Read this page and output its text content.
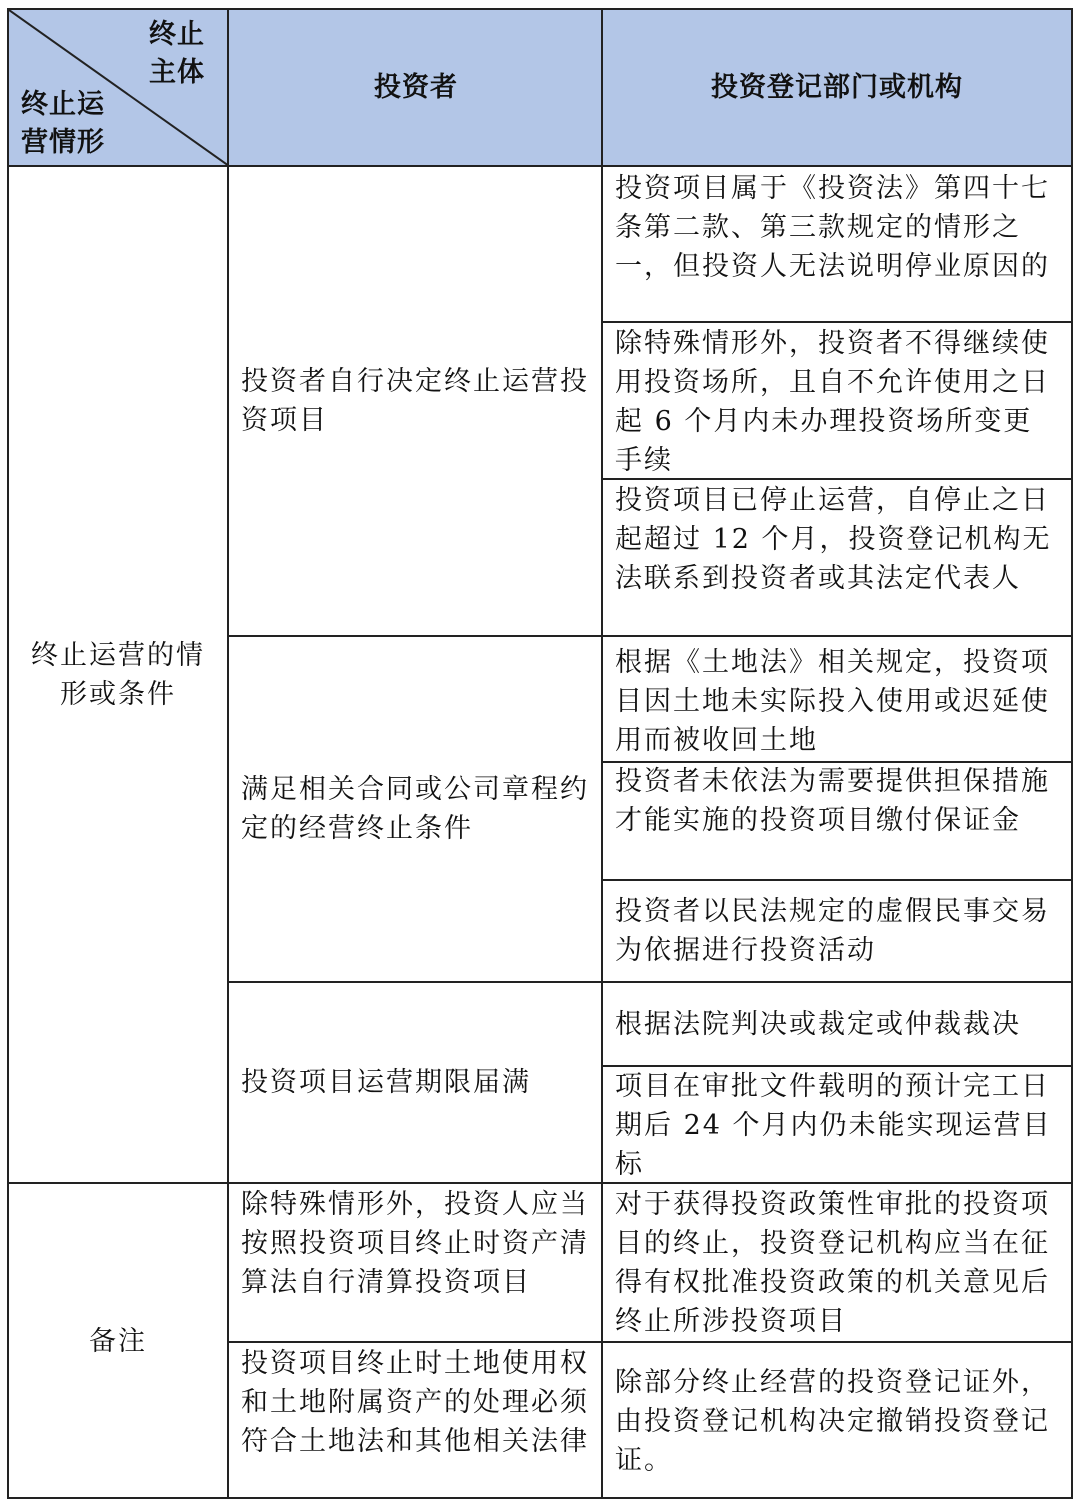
终止主体
终止运营情形
投资者	投资登记部门或机构
终止运营的情形或条件
备注
投资者自行决定终止运营投资项目
满足相关合同或公司章程约定的经营终止条件
投资项目运营期限届满
投资项目属于《投资法》第四十七条第二款、第三款规定的情形之一，但投资人无法说明停业原因的
除特殊情形外，投资者不得继续使用投资场所，且自不允许使用之日起 6 个月内未办理投资场所变更手续
投资项目已停止运营，自停止之日起超过 12 个月，投资登记机构无法联系到投资者或其法定代表人
根据《土地法》相关规定，投资项目因土地未实际投入使用或迟延使用而被收回土地
投资者未依法为需要提供担保措施才能实施的投资项目缴付保证金
投资者以民法规定的虚假民事交易为依据进行投资活动
根据法院判决或裁定或仲裁裁决
项目在审批文件载明的预计完工日期后 24 个月内仍未能实现运营目标
除特殊情形外，投资人应当按照投资项目终止时资产清算法自行清算投资项目
对于获得投资政策性审批的投资项目的终止，投资登记机构应当在征得有权批准投资政策的机关意见后终止所涉投资项目
投资项目终止时土地使用权和土地附属资产的处理必须符合土地法和其他相关法律
除部分终止经营的投资登记证外，由投资登记机构决定撤销投资登记证。
